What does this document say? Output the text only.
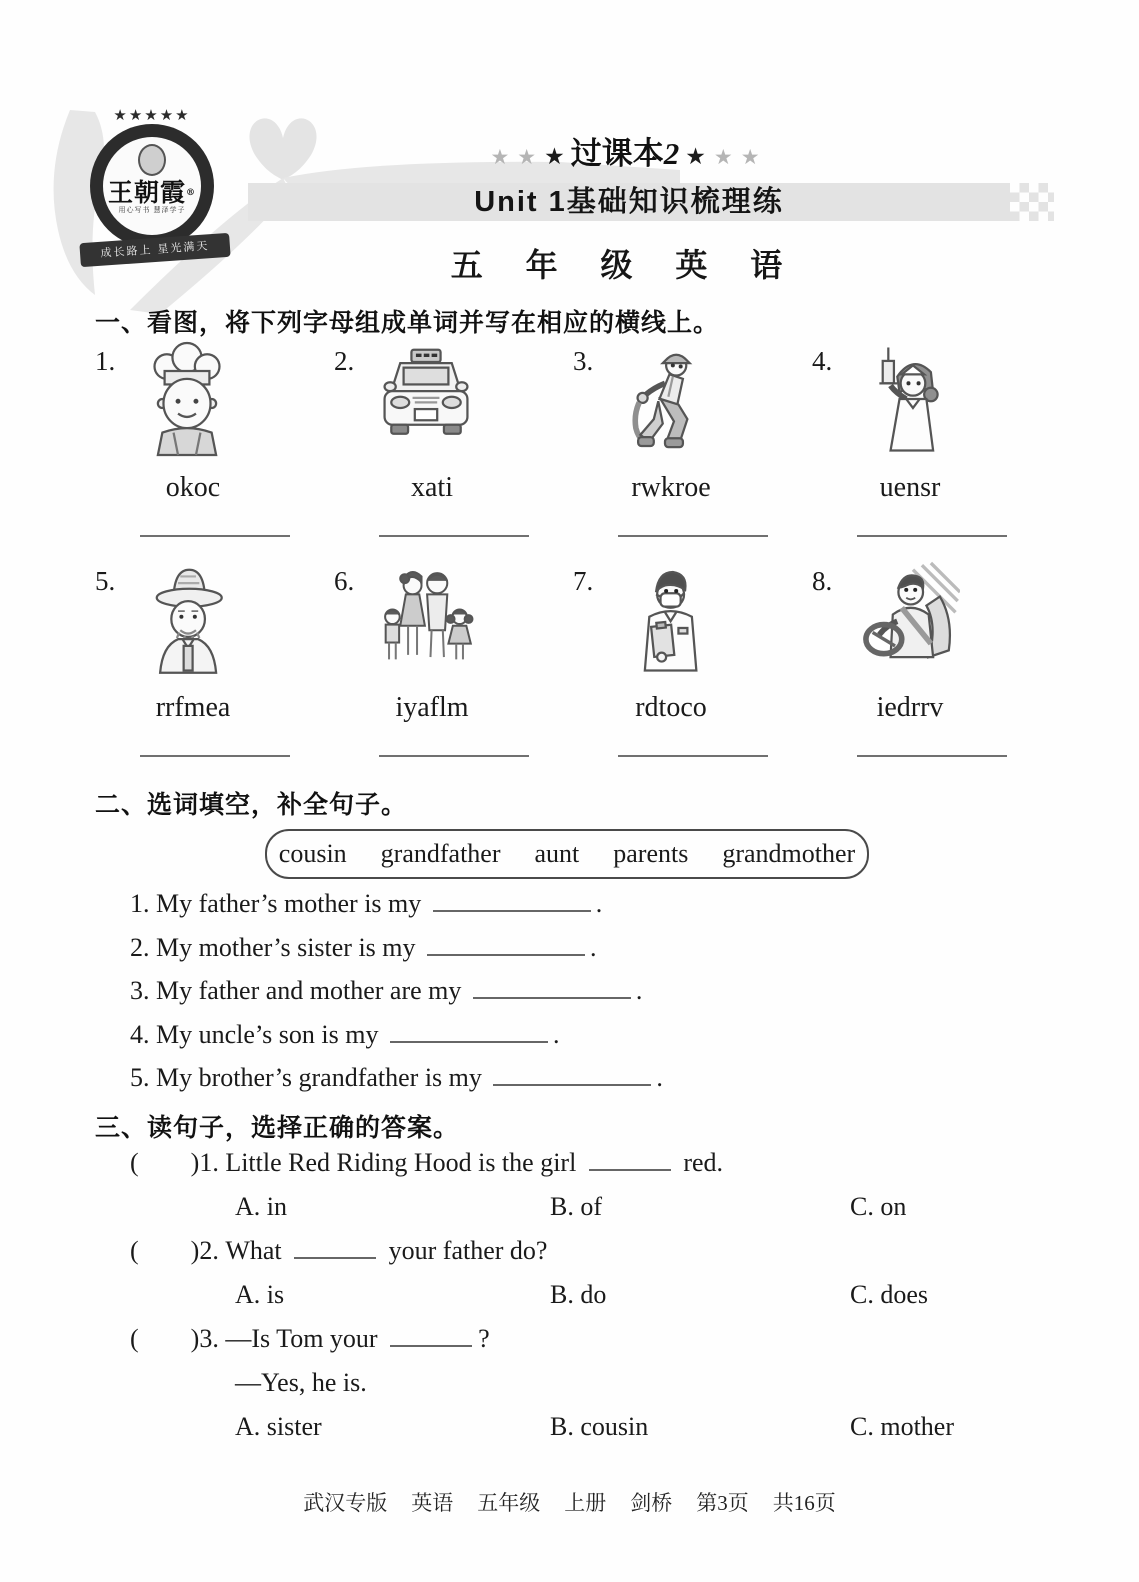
★★★★★
王朝霞®
用心写书 慧泽学子
成长路上 星光满天
★ ★ ★ 过课本2 ★ ★ ★
Unit 1基础知识梳理练
五 年 级 英 语
一、看图，将下列字母组成单词并写在相应的横线上。
1.
okoc
2.
xati
3.
rwkroe
4.
uensr
5.
rrfmea
6.
iyaflm
7.
rdtoco
8.
iedrrv
二、选词填空，补全句子。
cousin grandfather aunt parents grandmother
1. My father’s mother is my	.
2. My mother’s sister is my	.
3. My father and mother are my	.
4. My uncle’s son is my	.
5. My brother’s grandfather is my	.
三、读句子，选择正确的答案。
(        )1. Little Red Riding Hood is the girl	red.
A. in	B. of	C. on
(        )2. What	your father do?
A. is	B. do	C. does
(        )3. —Is Tom your	?
—Yes, he is.
A. sister	B. cousin	C. mother
武汉专版 英语 五年级 上册 剑桥 第3页 共16页
